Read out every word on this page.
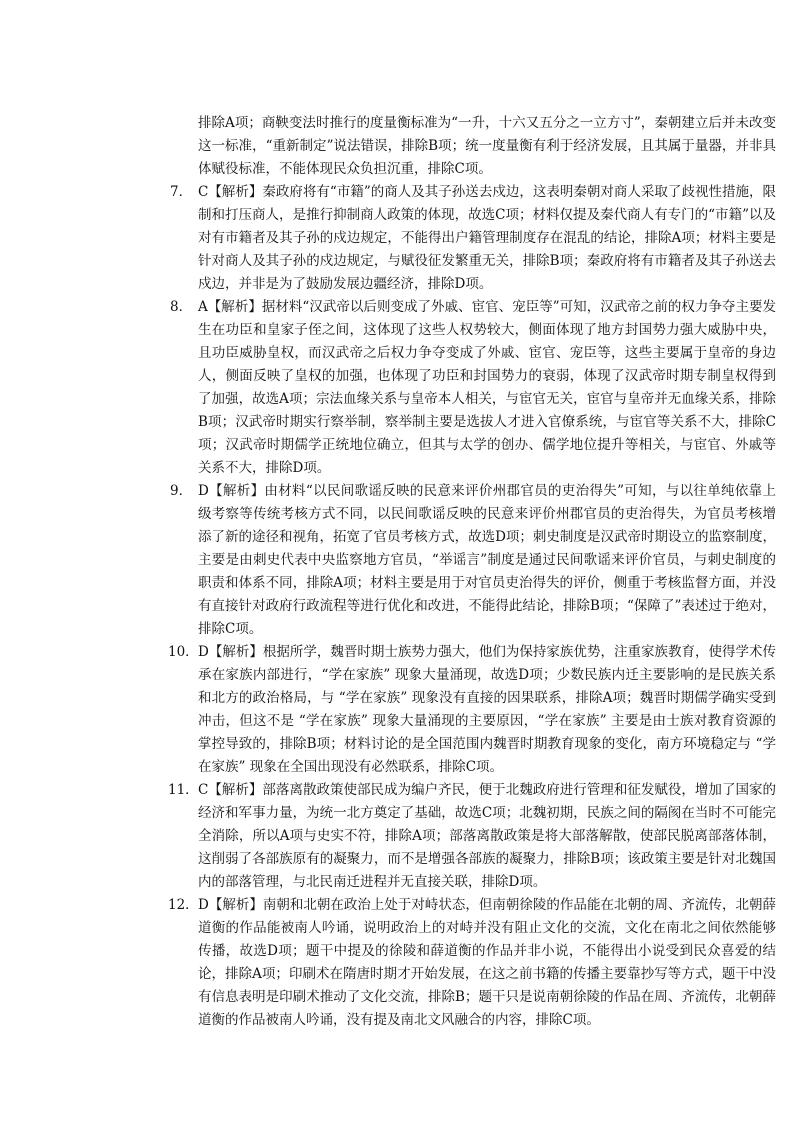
排除A项；商鞅变法时推行的度量衡标准为“一升，十六又五分之一立方寸”，秦朝建立后并未改变这一标准，“重新制定”说法错误，排除B项；统一度量衡有利于经济发展，且其属于量器，并非具体赋役标准，不能体现民众负担沉重，排除C项。

7． C【解析】秦政府将有“市籍”的商人及其子孙送去戍边，这表明秦朝对商人采取了歧视性措施，限制和打压商人，是推行抑制商人政策的体现，故选C项；材料仅提及秦代商人有专门的“市籍”以及对有市籍者及其子孙的戍边规定，不能得出户籍管理制度存在混乱的结论，排除A项；材料主要是针对商人及其子孙的戍边规定，与赋役征发繁重无关，排除B项；秦政府将有市籍者及其子孙送去戍边，并非是为了鼓励发展边疆经济，排除D项。
8． A【解析】据材料“汉武帝以后则变成了外戚、宦官、宠臣等”可知，汉武帝之前的权力争夺主要发生在功臣和皇家子侄之间，这体现了这些人权势较大，侧面体现了地方封国势力强大威胁中央，且功臣威胁皇权，而汉武帝之后权力争夺变成了外戚、宦官、宠臣等，这些主要属于皇帝的身边人，侧面反映了皇权的加强，也体现了功臣和封国势力的衰弱，体现了汉武帝时期专制皇权得到了加强，故选A项；宗法血缘关系与皇帝本人相关，与宦官无关，宦官与皇帝并无血缘关系，排除B项；汉武帝时期实行察举制，察举制主要是选拔人才进入官僚系统，与宦官等关系不大，排除C项；汉武帝时期儒学正统地位确立，但其与太学的创办、儒学地位提升等相关，与宦官、外戚等关系不大，排除D项。
9． D【解析】由材料“以民间歌谣反映的民意来评价州郡官员的吏治得失”可知，与以往单纯依靠上级考察等传统考核方式不同，以民间歌谣反映的民意来评价州郡官员的吏治得失，为官员考核增添了新的途径和视角，拓宽了官员考核方式，故选D项；刺史制度是汉武帝时期设立的监察制度，主要是由刺史代表中央监察地方官员，“举谣言”制度是通过民间歌谣来评价官员，与刺史制度的职责和体系不同，排除A项；材料主要是用于对官员吏治得失的评价，侧重于考核监督方面，并没有直接针对政府行政流程等进行优化和改进，不能得此结论，排除B项；“保障了”表述过于绝对，排除C项。
10． D【解析】根据所学，魏晋时期士族势力强大，他们为保持家族优势，注重家族教育，使得学术传承在家族内部进行，“学在家族” 现象大量涌现，故选D项；少数民族内迁主要影响的是民族关系和北方的政治格局，与 “学在家族” 现象没有直接的因果联系，排除A项；魏晋时期儒学确实受到冲击，但这不是 “学在家族” 现象大量涌现的主要原因，“学在家族” 主要是由士族对教育资源的掌控导致的，排除B项；材料讨论的是全国范围内魏晋时期教育现象的变化，南方环境稳定与 “学在家族” 现象在全国出现没有必然联系，排除C项。
11． C【解析】部落离散政策使部民成为编户齐民，便于北魏政府进行管理和征发赋役，增加了国家的经济和军事力量，为统一北方奠定了基础，故选C项；北魏初期，民族之间的隔阂在当时不可能完全消除，所以A项与史实不符，排除A项；部落离散政策是将大部落解散，使部民脱离部落体制，这削弱了各部族原有的凝聚力，而不是增强各部族的凝聚力，排除B项；该政策主要是针对北魏国内的部落管理，与北民南迁进程并无直接关联，排除D项。
12． D【解析】南朝和北朝在政治上处于对峙状态，但南朝徐陵的作品能在北朝的周、齐流传，北朝薛道衡的作品能被南人吟诵，说明政治上的对峙并没有阻止文化的交流，文化在南北之间依然能够传播，故选D项；题干中提及的徐陵和薛道衡的作品并非小说，不能得出小说受到民众喜爱的结论，排除A项；印刷术在隋唐时期才开始发展，在这之前书籍的传播主要靠抄写等方式，题干中没有信息表明是印刷术推动了文化交流，排除B；题干只是说南朝徐陵的作品在周、齐流传，北朝薛道衡的作品被南人吟诵，没有提及南北文风融合的内容，排除C项。
